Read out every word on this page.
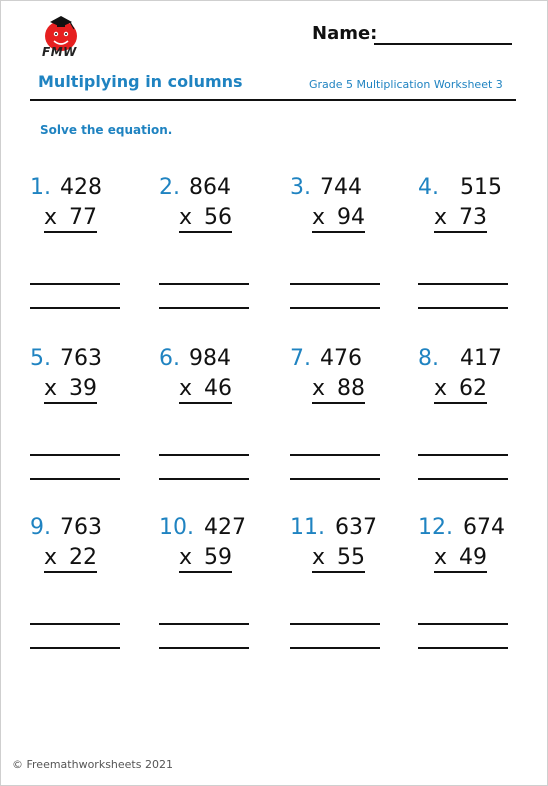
FMW
Name:
Multiplying in columns	Grade 5 Multiplication Worksheet 3
Solve the equation.
1. 428
x 77
2. 864
x 56
3. 744
x 94
4. 515
x 73
5. 763
x 39
6. 984
x 46
7. 476
x 88
8. 417
x 62
9. 763
x 22
10. 427
x 59
11. 637
x 55
12. 674
x 49
© Freemathworksheets 2021
